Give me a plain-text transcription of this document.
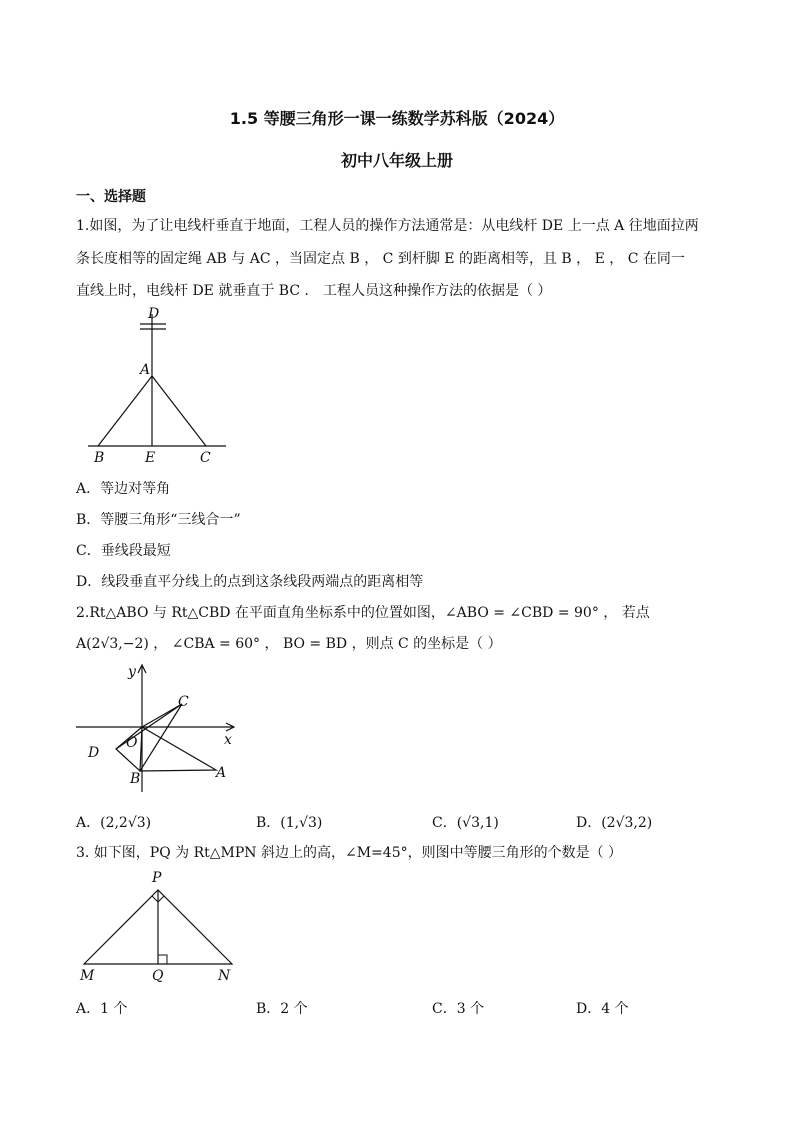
1.5 等腰三角形一课一练数学苏科版（2024）
初中八年级上册
一、选择题
1.如图，为了让电线杆垂直于地面，工程人员的操作方法通常是：从电线杆 DE 上一点 A 往地面拉两
条长度相等的固定绳 AB 与 AC ，当固定点 B ， C 到杆脚 E 的距离相等，且 B ， E ， C 在同一
直线上时，电线杆 DE 就垂直于 BC ． 工程人员这种操作方法的依据是（ ）
D
A
B	E	C
A．等边对等角
B．等腰三角形“三线合一”
C．垂线段最短
D．线段垂直平分线上的点到这条线段两端点的距离相等
2.Rt△ABO 与 Rt△CBD 在平面直角坐标系中的位置如图，∠ABO = ∠CBD = 90° ， 若点
A(2√3,−2) ， ∠CBA = 60° ， BO = BD ，则点 C 的坐标是（ ）
y
x
C
O
D
B	A
A．(2,2√3)	B．(1,√3)	C．(√3,1)	D．(2√3,2)
3. 如下图，PQ 为 Rt△MPN 斜边上的高，∠M=45°，则图中等腰三角形的个数是（ ）
P
M	Q	N
A．1 个	B．2 个	C．3 个	D．4 个
